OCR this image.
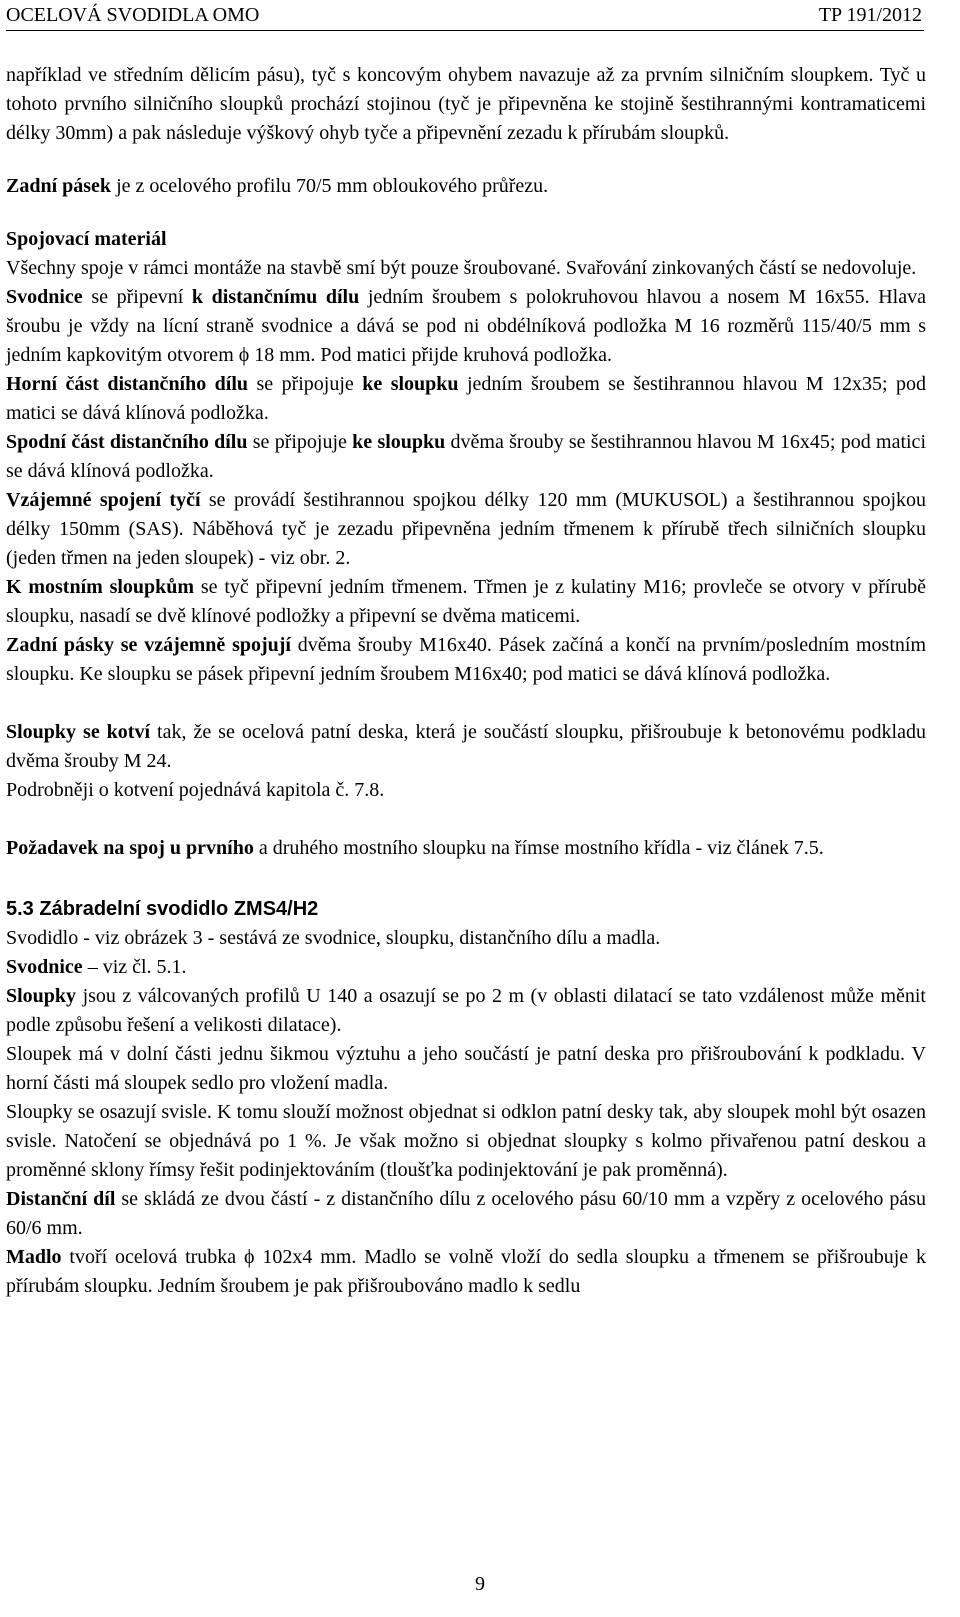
OCELOVÁ SVODIDLA OMO	TP 191/2012

například ve středním dělicím pásu), tyč s koncovým ohybem navazuje až za prvním silničním sloupkem. Tyč u tohoto prvního silničního sloupků prochází stojinou (tyč je připevněna ke stojině šestihrannými kontramaticemi délky 30mm) a pak následuje výškový ohyb tyče a připevnění zezadu k přírubám sloupků.

Zadní pásek je z ocelového profilu 70/5 mm obloukového průřezu.

Spojovací materiál

Všechny spoje v rámci montáže na stavbě smí být pouze šroubované. Svařování zinkovaných částí se nedovoluje.

Svodnice se připevní k distančnímu dílu jedním šroubem s polokruhovou hlavou a nosem M 16x55. Hlava šroubu je vždy na lícní straně svodnice a dává se pod ni obdélníková podložka M 16 rozměrů 115/40/5 mm s jedním kapkovitým otvorem ϕ 18 mm. Pod matici přijde kruhová podložka.

Horní část distančního dílu se připojuje ke sloupku jedním šroubem se šestihrannou hlavou M 12x35; pod matici se dává klínová podložka.

Spodní část distančního dílu se připojuje ke sloupku dvěma šrouby se šestihrannou hlavou M 16x45; pod matici se dává klínová podložka.

Vzájemné spojení tyčí se provádí šestihrannou spojkou délky 120 mm (MUKUSOL) a šestihrannou spojkou délky 150mm (SAS). Náběhová tyč je zezadu připevněna jedním třmenem k přírubě třech silničních sloupku (jeden třmen na jeden sloupek) - viz obr. 2.

K mostním sloupkům se tyč připevní jedním třmenem. Třmen je z kulatiny M16; provleče se otvory v přírubě sloupku, nasadí se dvě klínové podložky a připevní se dvěma maticemi.

Zadní pásky se vzájemně spojují dvěma šrouby M16x40. Pásek začíná a končí na prvním/posledním mostním sloupku. Ke sloupku se pásek připevní jedním šroubem M16x40; pod matici se dává klínová podložka.

Sloupky se kotví tak, že se ocelová patní deska, která je součástí sloupku, přišroubuje k betonovému podkladu dvěma šrouby M 24.

Podrobněji o kotvení pojednává kapitola č. 7.8.

Požadavek na spoj u prvního a druhého mostního sloupku na římse mostního křídla - viz článek 7.5.

5.3 Zábradelní svodidlo ZMS4/H2

Svodidlo - viz obrázek 3 - sestává ze svodnice, sloupku, distančního dílu a madla.

Svodnice – viz čl. 5.1.

Sloupky jsou z válcovaných profilů U 140 a osazují se po 2 m (v oblasti dilatací se tato vzdálenost může měnit podle způsobu řešení a velikosti dilatace).

Sloupek má v dolní části jednu šikmou výztuhu a jeho součástí je patní deska pro přišroubování k podkladu. V horní části má sloupek sedlo pro vložení madla.

Sloupky se osazují svisle. K tomu slouží možnost objednat si odklon patní desky tak, aby sloupek mohl být osazen svisle. Natočení se objednává po 1 %. Je však možno si objednat sloupky s kolmo přivařenou patní deskou a proměnné sklony římsy řešit podinjektováním (tloušťka podinjektování je pak proměnná).

Distanční díl se skládá ze dvou částí - z distančního dílu z ocelového pásu 60/10 mm a vzpěry z ocelového pásu 60/6 mm.

Madlo tvoří ocelová trubka ϕ 102x4 mm. Madlo se volně vloží do sedla sloupku a třmenem se přišroubuje k přírubám sloupku. Jedním šroubem je pak přišroubováno madlo k sedlu

9
